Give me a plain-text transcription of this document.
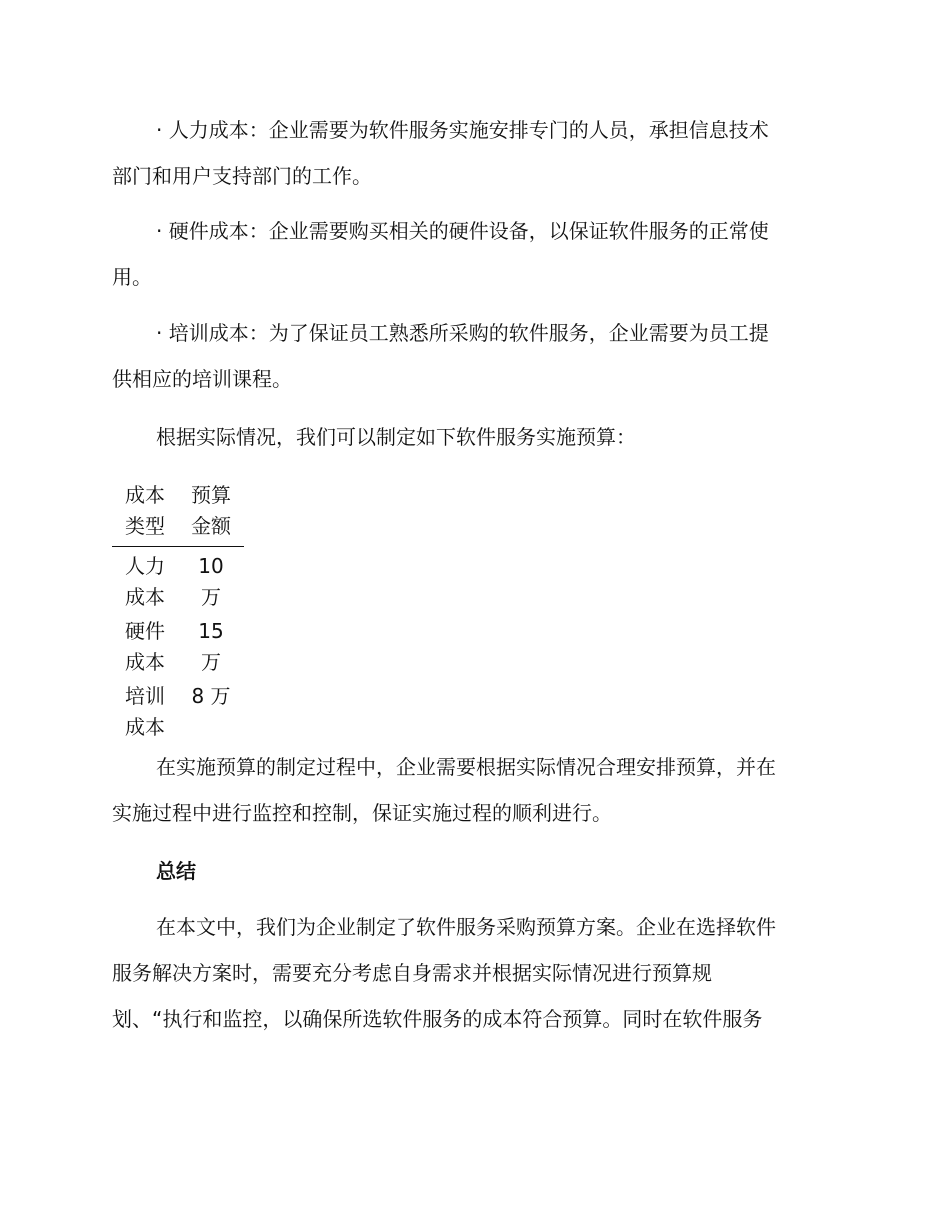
· 人力成本：企业需要为软件服务实施安排专门的人员，承担信息技术
部门和用户支持部门的工作。

· 硬件成本：企业需要购买相关的硬件设备，以保证软件服务的正常使
用。

· 培训成本：为了保证员工熟悉所采购的软件服务，企业需要为员工提
供相应的培训课程。

根据实际情况，我们可以制定如下软件服务实施预算：

成本
类型	预算
金额

人力
成本	10
万

硬件
成本	15
万

培训
成本	8 万

在实施预算的制定过程中，企业需要根据实际情况合理安排预算，并在
实施过程中进行监控和控制，保证实施过程的顺利进行。

总结

在本文中，我们为企业制定了软件服务采购预算方案。企业在选择软件
服务解决方案时，需要充分考虑自身需求并根据实际情况进行预算规
划、“执行和监控，以确保所选软件服务的成本符合预算。同时在软件服务
